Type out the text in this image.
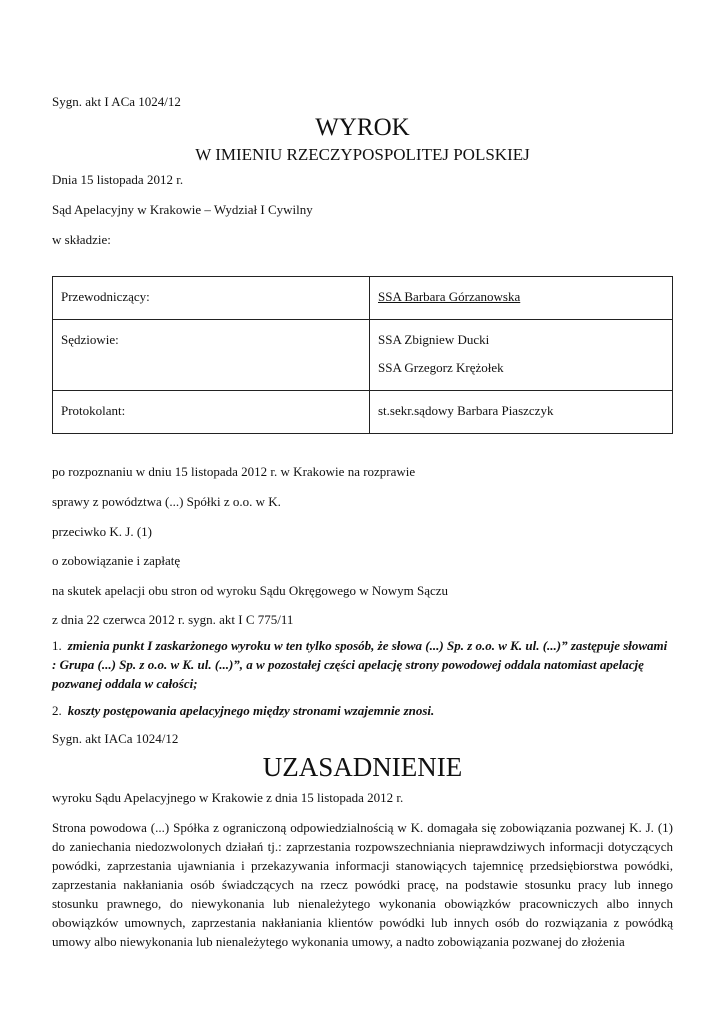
Sygn. akt I ACa 1024/12
WYROK
W IMIENIU RZECZYPOSPOLITEJ POLSKIEJ
Dnia 15 listopada 2012 r.
Sąd Apelacyjny w Krakowie – Wydział I Cywilny
w składzie:
Przewodniczący:	SSA Barbara Górzanowska
Sędziowie:	SSA Zbigniew Ducki
SSA Grzegorz Krężołek

Protokolant:	st.sekr.sądowy Barbara Piaszczyk
po rozpoznaniu w dniu 15 listopada 2012 r. w Krakowie na rozprawie
sprawy z powództwa (...) Spółki z o.o. w K.
przeciwko K. J. (1)
o zobowiązanie i zapłatę
na skutek apelacji obu stron od wyroku Sądu Okręgowego w Nowym Sączu
z dnia 22 czerwca 2012 r. sygn. akt I C 775/11
1. zmienia punkt I zaskarżonego wyroku w ten tylko sposób, że słowa (...) Sp. z o.o. w K. ul. (...)” zastępuje słowami : Grupa (...) Sp. z o.o. w K. ul. (...)”, a w pozostałej części apelację strony powodowej oddala natomiast apelację pozwanej oddala w całości;
2. koszty postępowania apelacyjnego między stronami wzajemnie znosi.
Sygn. akt IACa 1024/12
UZASADNIENIE
wyroku Sądu Apelacyjnego w Krakowie z dnia 15 listopada 2012 r.
Strona powodowa (...) Spółka z ograniczoną odpowiedzialnością w K. domagała się zobowiązania pozwanej K. J. (1) do zaniechania niedozwolonych działań tj.: zaprzestania rozpowszechniania nieprawdziwych informacji dotyczących powódki, zaprzestania ujawniania i przekazywania informacji stanowiących tajemnicę przedsiębiorstwa powódki, zaprzestania nakłaniania osób świadczących na rzecz powódki pracę, na podstawie stosunku pracy lub innego stosunku prawnego, do niewykonania lub nienależytego wykonania obowiązków pracowniczych albo innych obowiązków umownych, zaprzestania nakłaniania klientów powódki lub innych osób do rozwiązania z powódką umowy albo niewykonania lub nienależytego wykonania umowy, a nadto zobowiązania pozwanej do złożenia
